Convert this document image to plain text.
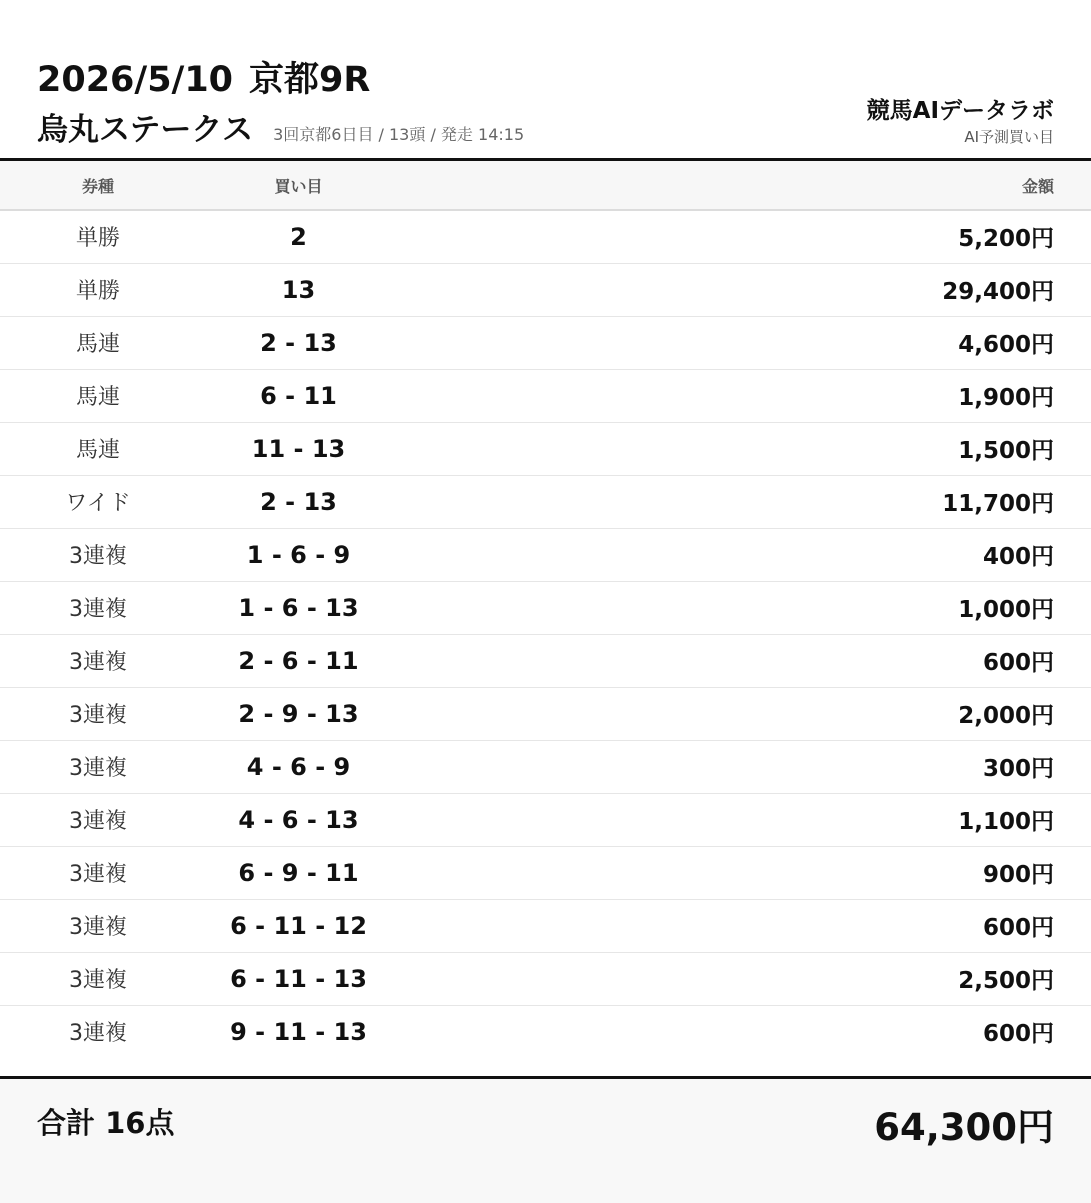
2026/5/10 京都9R
烏丸ステークス 3回京都6日目 / 13頭 / 発走 14:15
競馬AIデータラボ
AI予測買い目
券種	買い目	金額
単勝	2	5,200円
単勝	13	29,400円
馬連	2 - 13	4,600円
馬連	6 - 11	1,900円
馬連	11 - 13	1,500円
ワイド	2 - 13	11,700円
3連複	1 - 6 - 9	400円
3連複	1 - 6 - 13	1,000円
3連複	2 - 6 - 11	600円
3連複	2 - 9 - 13	2,000円
3連複	4 - 6 - 9	300円
3連複	4 - 6 - 13	1,100円
3連複	6 - 9 - 11	900円
3連複	6 - 11 - 12	600円
3連複	6 - 11 - 13	2,500円
3連複	9 - 11 - 13	600円
合計 16点	64,300円
